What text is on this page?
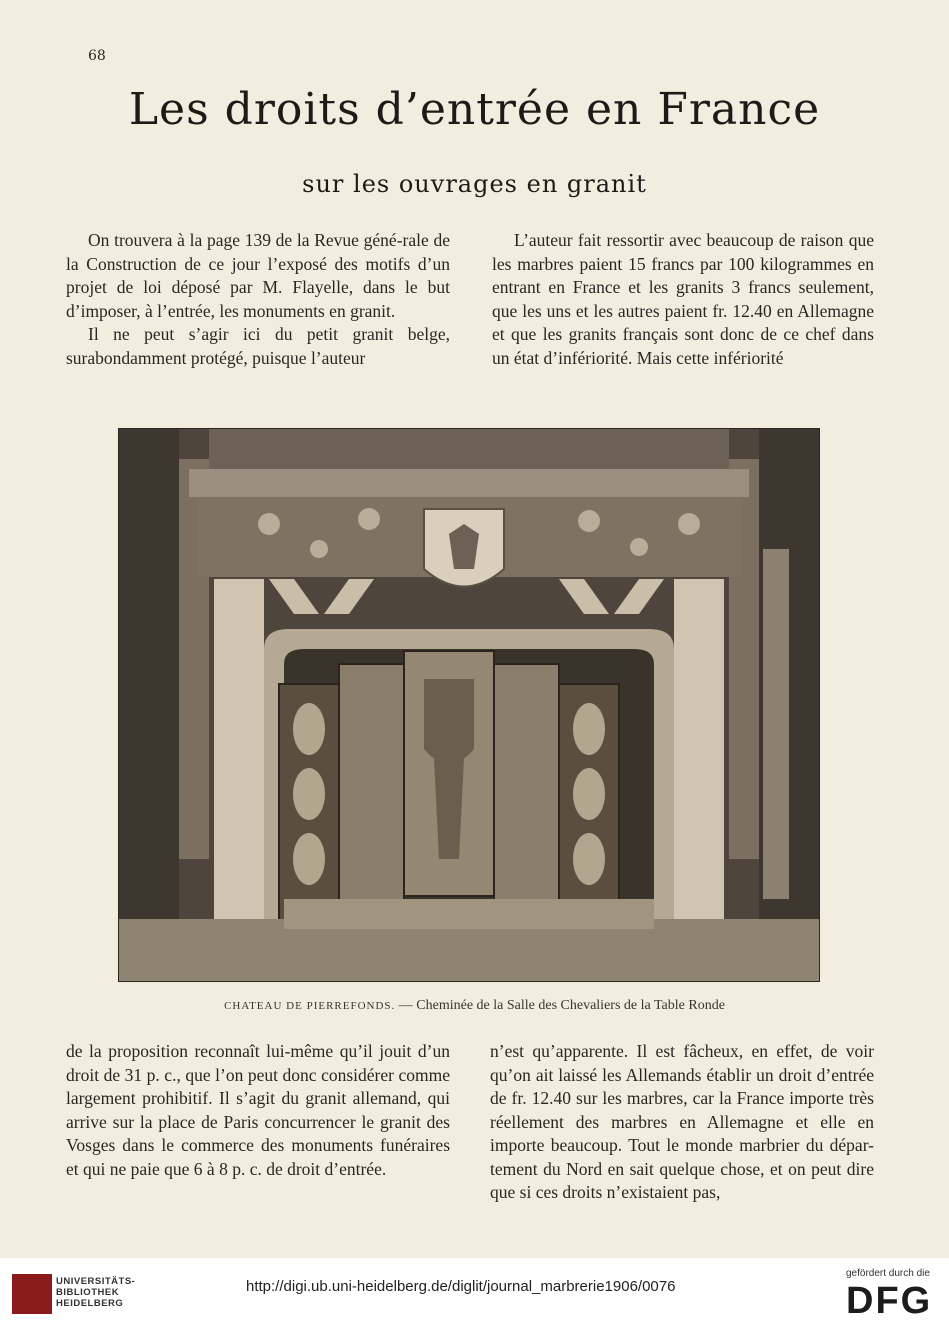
68
Les droits d’entrée en France
sur les ouvrages en granit

On trouvera à la page 139 de la Revue géné-rale de la Construction de ce jour l’exposé des motifs d’un projet de loi déposé par M. Flayelle, dans le but d’imposer, à l’entrée, les monuments en granit.

Il ne peut s’agir ici du petit granit belge, surabondamment protégé, puisque l’auteur

L’auteur fait ressortir avec beaucoup de raison que les marbres paient 15 francs par 100 kilogrammes en entrant en France et les granits 3 francs seulement, que les uns et les autres paient fr. 12.40 en Allemagne et que les granits français sont donc de ce chef dans un état d’infériorité. Mais cette infériorité

CHATEAU DE PIERREFONDS. — Cheminée de la Salle des Chevaliers de la Table Ronde

de la proposition reconnaît lui-même qu’il jouit d’un droit de 31 p. c., que l’on peut donc considérer comme largement prohibitif. Il s’agit du granit allemand, qui arrive sur la place de Paris concurrencer le granit des Vosges dans le commerce des monuments funéraires et qui ne paie que 6 à 8 p. c. de droit d’entrée.

n’est qu’apparente. Il est fâcheux, en effet, de voir qu’on ait laissé les Allemands établir un droit d’entrée de fr. 12.40 sur les marbres, car la France importe très réellement des marbres en Allemagne et elle en importe beaucoup. Tout le monde marbrier du dépar-tement du Nord en sait quelque chose, et on peut dire que si ces droits n’existaient pas,

UNIVERSITÄTS-
BIBLIOTHEK
HEIDELBERG
http://digi.ub.uni-heidelberg.de/diglit/journal_marbrerie1906/0076
gefördert durch die
DFG
